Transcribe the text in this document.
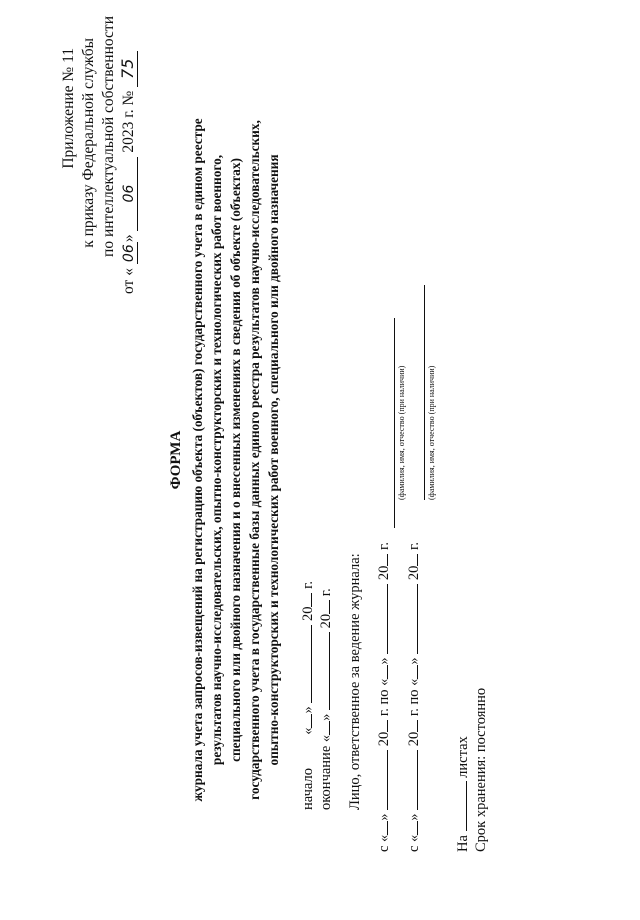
Приложение № 11 к приказу Федеральной службы по интеллектуальной собственности
от « 06» 06 2023 г. № 75
ФОРМА журнала учета запросов-извещений на регистрацию объекта (объектов) государственного учета в едином реестре результатов научно-исследовательских, опытно-конструкторских и технологических работ военного, специального или двойного назначения и о внесенных изменениях в сведения об объекте (объектах) государственного учета в государственные базы данных единого реестра результатов научно-исследовательских, опытно-конструкторских и технологических работ военного, специального или двойного назначения
начало  «»  20 г.
окончание «»  20 г. Лицо, ответственное за ведение журнала:
с «»  20 г. по «»  20 г.
(фамилия, имя, отчество (при наличии)
с «»  20 г. по «»  20 г.
(фамилия, имя, отчество (при наличии)
На  листах Срок хранения: постоянно
